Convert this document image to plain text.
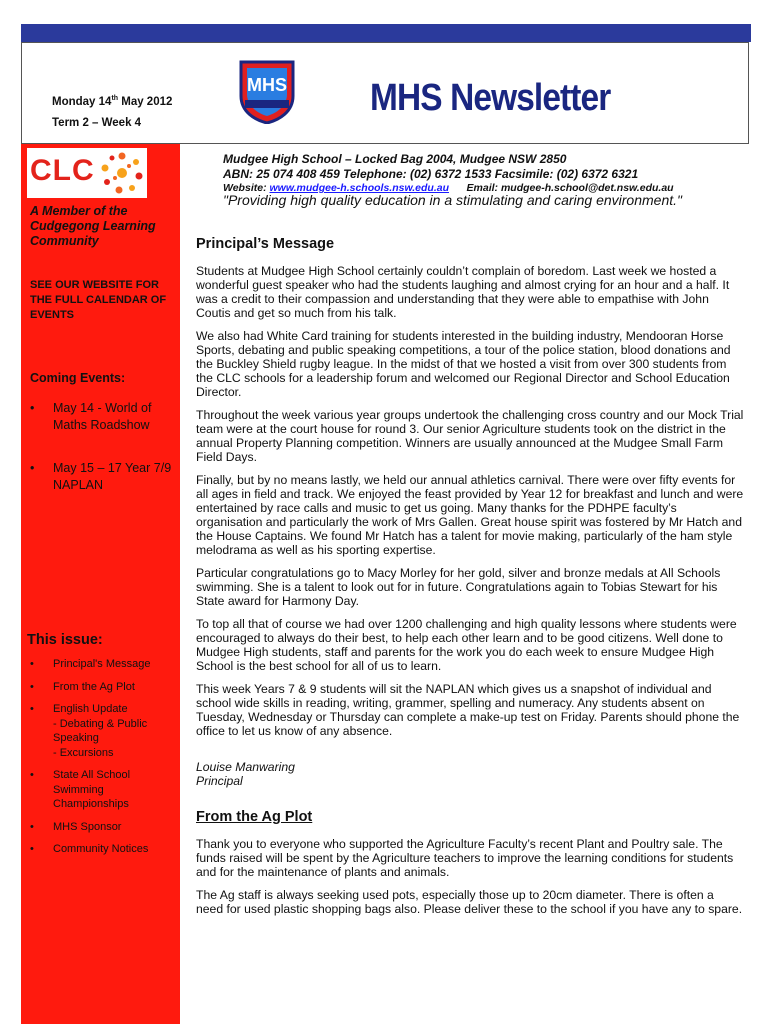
Monday 14th May 2012
Term 2 – Week 4
MHS MHS Newsletter
CLC
A Member of the Cudgegong Learning Community
SEE OUR WEBSITE FOR THE FULL CALENDAR OF EVENTS
Coming Events:
• May 14 - World of Maths Roadshow
• May 15 – 17 Year 7/9 NAPLAN
This issue:
• Principal's Message
• From the Ag Plot
• English Update
- Debating & Public Speaking
- Excursions
• State All School Swimming Championships
• MHS Sponsor
• Community Notices
Mudgee High School – Locked Bag 2004, Mudgee NSW 2850
ABN: 25 074 408 459 Telephone: (02) 6372 1533 Facsimile: (02) 6372 6321
Website: www.mudgee-h.schools.nsw.edu.au Email: mudgee-h.school@det.nsw.edu.au
"Providing high quality education in a stimulating and caring environment."
Principal’s Message

Students at Mudgee High School certainly couldn’t complain of boredom. Last week we hosted a wonderful guest speaker who had the students laughing and almost crying for an hour and a half. It was a credit to their compassion and understanding that they were able to empathise with John Coutis and get so much from his talk.

We also had White Card training for students interested in the building industry, Mendooran Horse Sports, debating and public speaking competitions, a tour of the police station, blood donations and the Buckley Shield rugby league. In the midst of that we hosted a visit from over 300 students from the CLC schools for a leadership forum and welcomed our Regional Director and School Education Director.

Throughout the week various year groups undertook the challenging cross country and our Mock Trial team were at the court house for round 3. Our senior Agriculture students took on the district in the annual Property Planning competition. Winners are usually announced at the Mudgee Small Farm Field Days.

Finally, but by no means lastly, we held our annual athletics carnival. There were over fifty events for all ages in field and track. We enjoyed the feast provided by Year 12 for breakfast and lunch and were entertained by race calls and music to get us going. Many thanks for the PDHPE faculty’s organisation and particularly the work of Mrs Gallen. Great house spirit was fostered by Mr Hatch and the House Captains. We found Mr Hatch has a talent for movie making, particularly of the ham style melodrama as well as his sporting expertise.

Particular congratulations go to Macy Morley for her gold, silver and bronze medals at All Schools swimming. She is a talent to look out for in future. Congratulations again to Tobias Stewart for his State award for Harmony Day.

To top all that of course we had over 1200 challenging and high quality lessons where students were encouraged to always do their best, to help each other learn and to be good citizens. Well done to Mudgee High students, staff and parents for the work you do each week to ensure Mudgee High School is the best school for all of us to learn.

This week Years 7 & 9 students will sit the NAPLAN which gives us a snapshot of individual and school wide skills in reading, writing, grammer, spelling and numeracy. Any students absent on Tuesday, Wednesday or Thursday can complete a make-up test on Friday. Parents should phone the office to let us know of any absence.

Louise Manwaring
Principal
From the Ag Plot

Thank you to everyone who supported the Agriculture Faculty’s recent Plant and Poultry sale. The funds raised will be spent by the Agriculture teachers to improve the learning conditions for students and for the maintenance of plants and animals.

The Ag staff is always seeking used pots, especially those up to 20cm diameter. There is often a need for used plastic shopping bags also. Please deliver these to the school if you have any to spare.
